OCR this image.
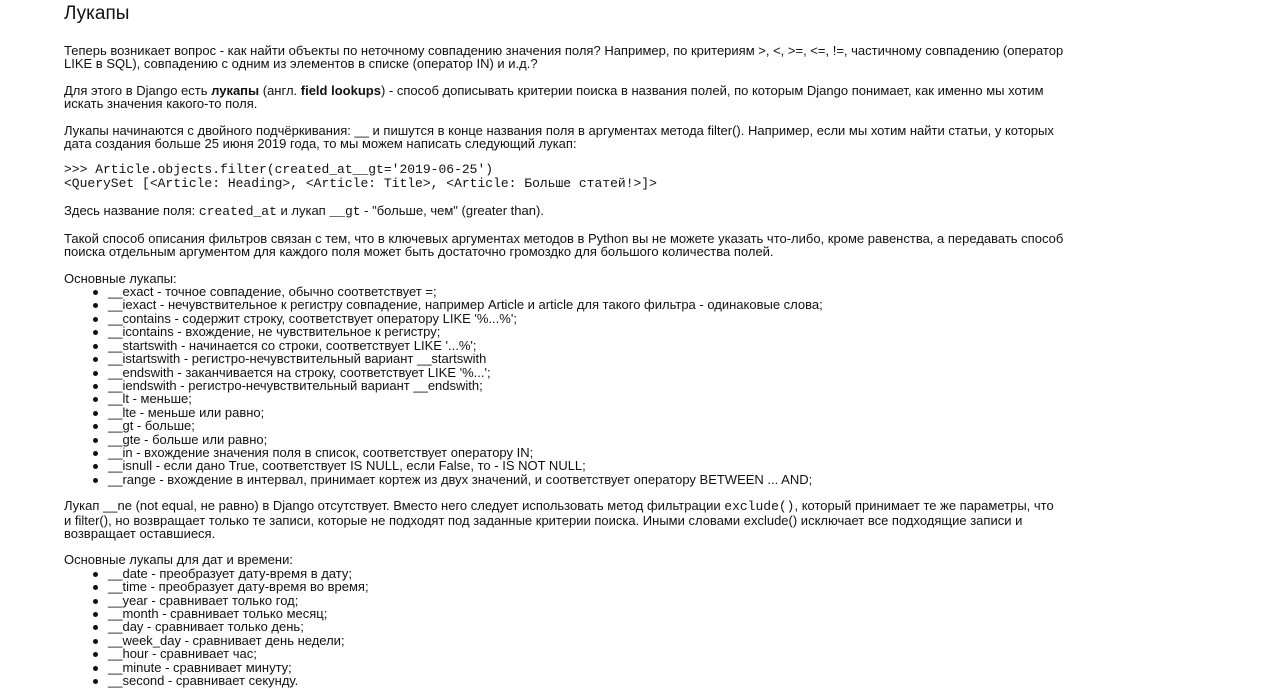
Лукапы

Теперь возникает вопрос - как найти объекты по неточному совпадению значения поля? Например, по критериям >, <, >=, <=, !=, частичному совпадению (оператор LIKE в SQL), совпадению с одним из элементов в списке (оператор IN) и и.д.?

Для этого в Django есть лукапы (англ. field lookups) - способ дописывать критерии поиска в названия полей, по которым Django понимает, как именно мы хотим искать значения какого-то поля.

Лукапы начинаются с двойного подчёркивания: __ и пишутся в конце названия поля в аргументах метода filter(). Например, если мы хотим найти статьи, у которых дата создания больше 25 июня 2019 года, то мы можем написать следующий лукап:

>>> Article.objects.filter(created_at__gt='2019-06-25')
<QuerySet [<Article: Heading>, <Article: Title>, <Article: Больше статей!>]>

Здесь название поля: created_at и лукап __gt - "больше, чем" (greater than).

Такой способ описания фильтров связан с тем, что в ключевых аргументах методов в Python вы не можете указать что-либо, кроме равенства, а передавать способ поиска отдельным аргументом для каждого поля может быть достаточно громоздко для большого количества полей.

Основные лукапы:

__exact - точное совпадение, обычно соответствует =;
__iexact - нечувствительное к регистру совпадение, например Article и article для такого фильтра - одинаковые слова;
__contains - содержит строку, соответствует оператору LIKE '%...%';
__icontains - вхождение, не чувствительное к регистру;
__startswith - начинается со строки, соответствует LIKE '...%';
__istartswith - регистро-нечувствительный вариант __startswith
__endswith - заканчивается на строку, соответствует LIKE '%...';
__iendswith - регистро-нечувствительный вариант __endswith;
__lt - меньше;
__lte - меньше или равно;
__gt - больше;
__gte - больше или равно;
__in - вхождение значения поля в список, соответствует оператору IN;
__isnull - если дано True, соответствует IS NULL, если False, то - IS NOT NULL;
__range - вхождение в интервал, принимает кортеж из двух значений, и соответствует оператору BETWEEN ... AND;

Лукап __ne (not equal, не равно) в Django отсутствует. Вместо него следует использовать метод фильтрации exclude(), который принимает те же параметры, что и filter(), но возвращает только те записи, которые не подходят под заданные критерии поиска. Иными словами exclude() исключает все подходящие записи и возвращает оставшиеся.

Основные лукапы для дат и времени:

__date - преобразует дату-время в дату;
__time - преобразует дату-время во время;
__year - сравнивает только год;
__month - сравнивает только месяц;
__day - сравнивает только день;
__week_day - сравнивает день недели;
__hour - сравнивает час;
__minute - сравнивает минуту;
__second - сравнивает секунду.
